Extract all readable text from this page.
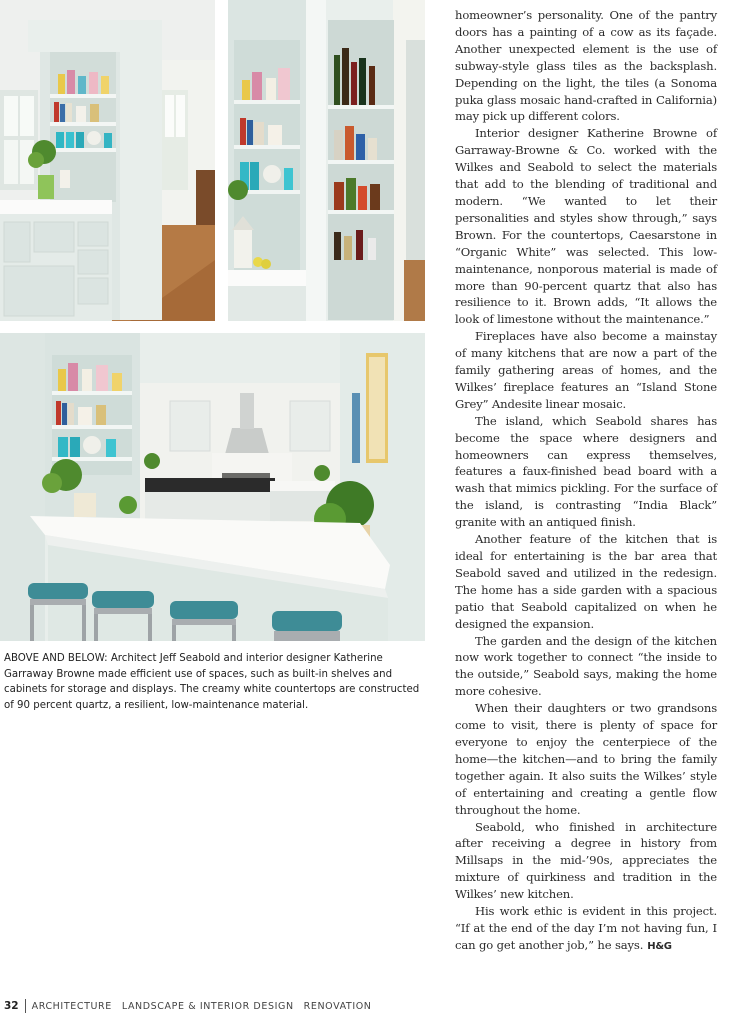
ABOVE AND BELOW: Architect Jeff Seabold and interior designer Katherine Garraway Browne made efficient use of spaces, such as built-in shelves and cabinets for storage and displays. The creamy white countertops are constructed of 90 percent quartz, a resilient, low-maintenance material.

homeowner’s personality. One of the pantry doors has a painting of a cow as its façade. Another unexpected element is the use of subway-style glass tiles as the backsplash. Depending on the light, the tiles (a Sonoma puka glass mosaic hand-crafted in California) may pick up different colors.

Interior designer Katherine Browne of Garraway-Browne & Co. worked with the Wilkes and Seabold to select the materials that add to the blending of traditional and modern. “We wanted to let their personalities and styles show through,” says Brown. For the countertops, Caesarstone in “Organic White” was selected. This low-maintenance, nonporous material is made of more than 90-percent quartz that also has resilience to it. Brown adds, “It allows the look of limestone without the maintenance.”

Fireplaces have also become a mainstay of many kitchens that are now a part of the family gathering areas of homes, and the Wilkes’ fireplace features an “Island Stone Grey” Andesite linear mosaic.

The island, which Seabold shares has become the space where designers and homeowners can express themselves, features a faux-finished bead board with a wash that mimics pickling. For the surface of the island, is contrasting “India Black” granite with an antiqued finish.

Another feature of the kitchen that is ideal for entertaining is the bar area that Seabold saved and utilized in the redesign. The home has a side garden with a spacious patio that Seabold capitalized on when he designed the expansion.

The garden and the design of the kitchen now work together to connect “the inside to the outside,” Seabold says, making the home more cohesive.

When their daughters or two grandsons come to visit, there is plenty of space for everyone to enjoy the centerpiece of the home—the kitchen—and to bring the family together again. It also suits the Wilkes’ style of entertaining and creating a gentle flow throughout the home.

Seabold, who finished in architecture after receiving a degree in history from Millsaps in the mid-’90s, appreciates the mixture of quirkiness and tradition in the Wilkes’ new kitchen.

His work ethic is evident in this project. “If at the end of the day I’m not having fun, I can go get another job,” he says. H&G

32 ARCHITECTURE LANDSCAPE & INTERIOR DESIGN RENOVATION
